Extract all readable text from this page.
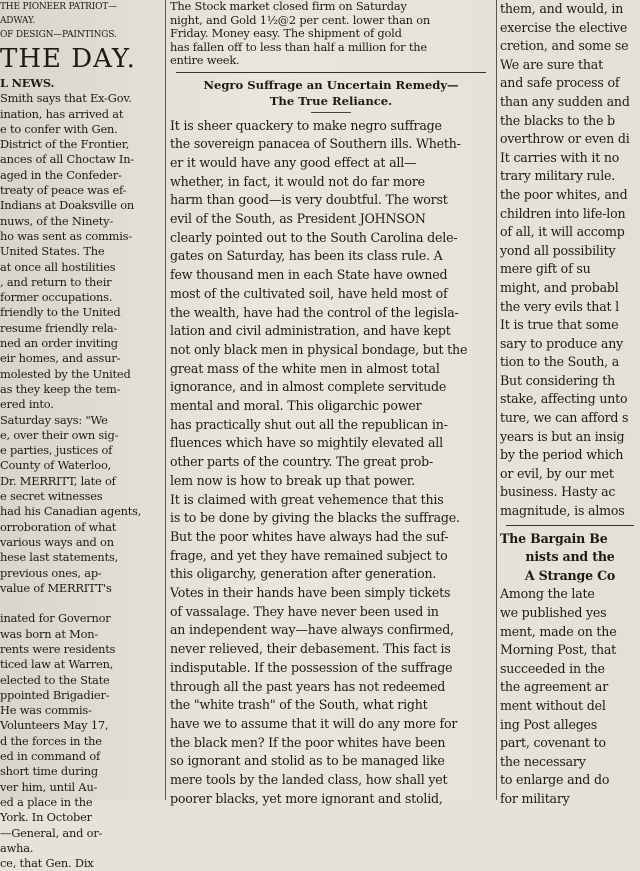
THE PIONEER PATRIOT—
ADWAY.
OF DESIGN—PAINTINGS.
THE DAY.
L NEWS.
Smith says that Ex-Gov.
ination, has arrived at
e to confer with Gen.
District of the Frontier,
ances of all Choctaw In-
aged in the Confeder-
treaty of peace was ef-
Indians at Doaksville on
nuws, of the Ninety-
ho was sent as commis-
United States. The
at once all hostilities
, and return to their
former occupations.
friendly to the United
resume friendly rela-
ned an order inviting
eir homes, and assur-
molested by the United
as they keep the tem-
ered into.
Saturday says: "We
e, over their own sig-
e parties, justices of
County of Waterloo,
Dr. MERRITT, late of
e secret witnesses
had his Canadian agents,
orroboration of what
various ways and on
hese last statements,
previous ones, ap-
value of MERRITT's

inated for Governor
was born at Mon-
rents were residents
ticed law at Warren,
elected to the State
ppointed Brigadier-
He was commis-
Volunteers May 17,
d the forces in the
ed in command of
short time during
ver him, until Au-
ed a place in the
York. In October
—General, and or-
awha.
ce, that Gen. Dix
The Stock market closed firm on Saturday
night, and Gold 1½@2 per cent. lower than on
Friday. Money easy. The shipment of gold
has fallen off to less than half a million for the
entire week.
Negro Suffrage an Uncertain Remedy—
The True Reliance.
It is sheer quackery to make negro suffrage
the sovereign panacea of Southern ills. Wheth-
er it would have any good effect at all—
whether, in fact, it would not do far more
harm than good—is very doubtful. The worst
evil of the South, as President JOHNSON
clearly pointed out to the South Carolina dele-
gates on Saturday, has been its class rule. A
few thousand men in each State have owned
most of the cultivated soil, have held most of
the wealth, have had the control of the legisla-
lation and civil administration, and have kept
not only black men in physical bondage, but the
great mass of the white men in almost total
ignorance, and in almost complete servitude
mental and moral. This oligarchic power
has practically shut out all the republican in-
fluences which have so mightily elevated all
other parts of the country. The great prob-
lem now is how to break up that power.
It is claimed with great vehemence that this
is to be done by giving the blacks the suffrage.
But the poor whites have always had the suf-
frage, and yet they have remained subject to
this oligarchy, generation after generation.
Votes in their hands have been simply tickets
of vassalage. They have never been used in
an independent way—have always confirmed,
never relieved, their debasement. This fact is
indisputable. If the possession of the suffrage
through all the past years has not redeemed
the "white trash" of the South, what right
have we to assume that it will do any more for
the black men? If the poor whites have been
so ignorant and stolid as to be managed like
mere tools by the landed class, how shall yet
poorer blacks, yet more ignorant and stolid,
them, and would, in
exercise the elective
cretion, and some se
We are sure that
and safe process of
than any sudden and
the blacks to the b
overthrow or even di
It carries with it no
trary military rule.
the poor whites, and
children into life-lon
of all, it will accomp
yond all possibility
mere gift of su
might, and probabl
the very evils that l
It is true that some
sary to produce any
tion to the South, a
But considering th
stake, affecting unto
ture, we can afford s
years is but an insig
by the period which
or evil, by our met
business. Hasty ac
magnitude, is almos
The Bargain Be
nists and the
A Strange Co
Among the late
we published yes
ment, made on the
Morning Post, that
succeeded in the
the agreement ar
ment without del
ing Post alleges
part, covenant to
the necessary
to enlarge and do
for military
